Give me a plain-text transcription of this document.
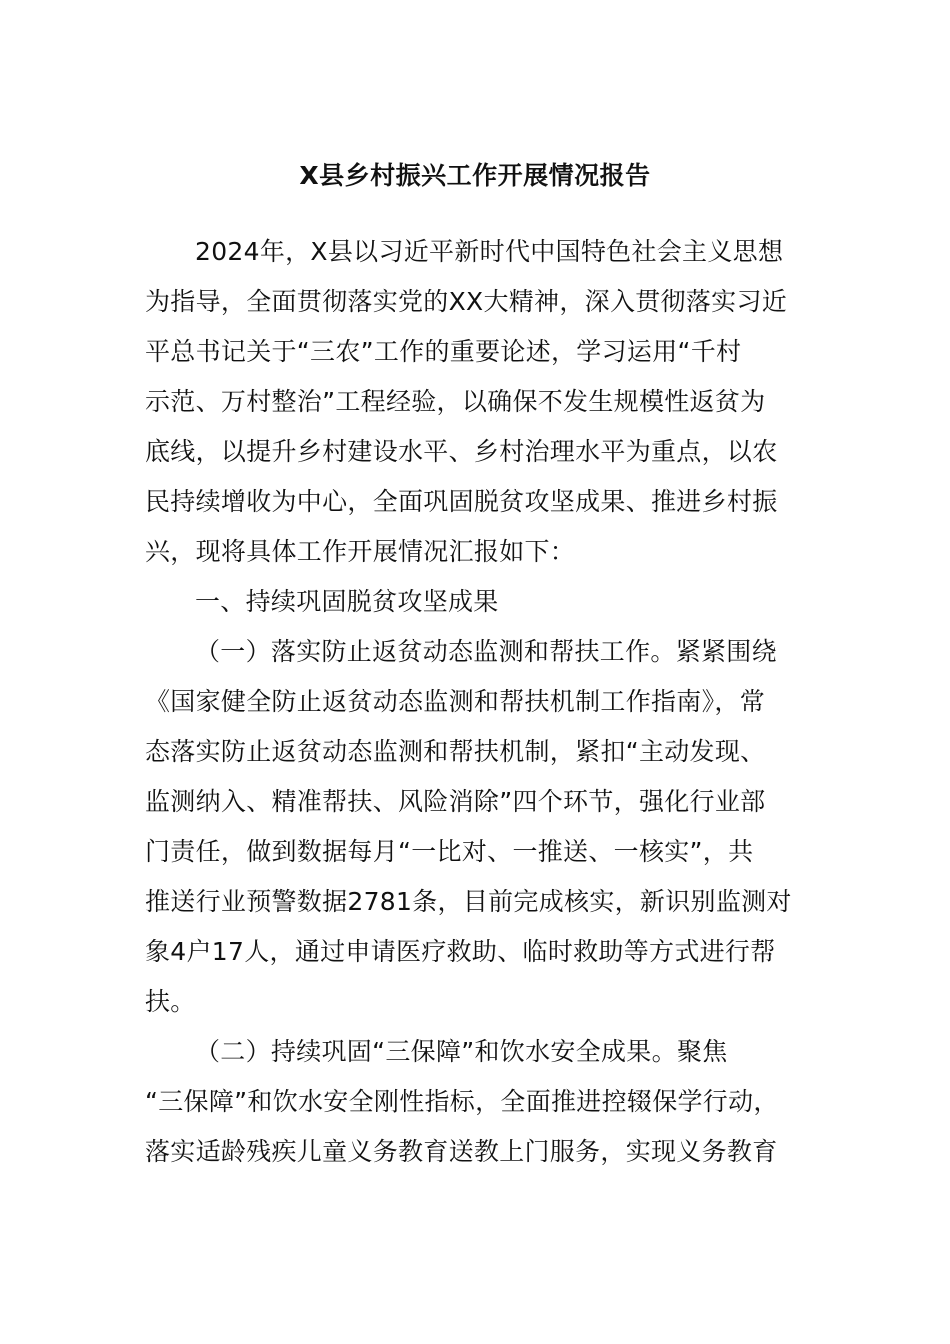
X县乡村振兴工作开展情况报告
2024年，X县以习近平新时代中国特色社会主义思想
为指导，全面贯彻落实党的XX大精神，深入贯彻落实习近
平总书记关于“三农”工作的重要论述，学习运用“千村
示范、万村整治”工程经验，以确保不发生规模性返贫为
底线，以提升乡村建设水平、乡村治理水平为重点，以农
民持续增收为中心，全面巩固脱贫攻坚成果、推进乡村振
兴，现将具体工作开展情况汇报如下：
一、持续巩固脱贫攻坚成果
（一）落实防止返贫动态监测和帮扶工作。紧紧围绕
《国家健全防止返贫动态监测和帮扶机制工作指南》，常
态落实防止返贫动态监测和帮扶机制，紧扣“主动发现、
监测纳入、精准帮扶、风险消除”四个环节，强化行业部
门责任，做到数据每月“一比对、一推送、一核实”，共
推送行业预警数据2781条，目前完成核实，新识别监测对
象4户17人，通过申请医疗救助、临时救助等方式进行帮
扶。
（二）持续巩固“三保障”和饮水安全成果。聚焦
“三保障”和饮水安全刚性指标，全面推进控辍保学行动，
落实适龄残疾儿童义务教育送教上门服务，实现义务教育
